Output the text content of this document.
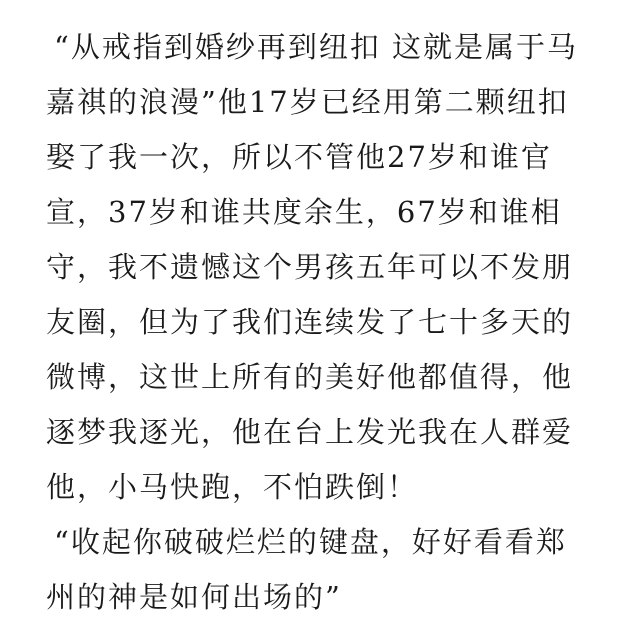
“从戒指到婚纱再到纽扣 这就是属于马
嘉祺的浪漫”他17岁已经用第二颗纽扣
娶了我一次，所以不管他27岁和谁官
宣，37岁和谁共度余生，67岁和谁相
守，我不遗憾这个男孩五年可以不发朋
友圈，但为了我们连续发了七十多天的
微博，这世上所有的美好他都值得，他
逐梦我逐光，他在台上发光我在人群爱
他，小马快跑，不怕跌倒！
“收起你破破烂烂的键盘，好好看看郑
州的神是如何出场的”
